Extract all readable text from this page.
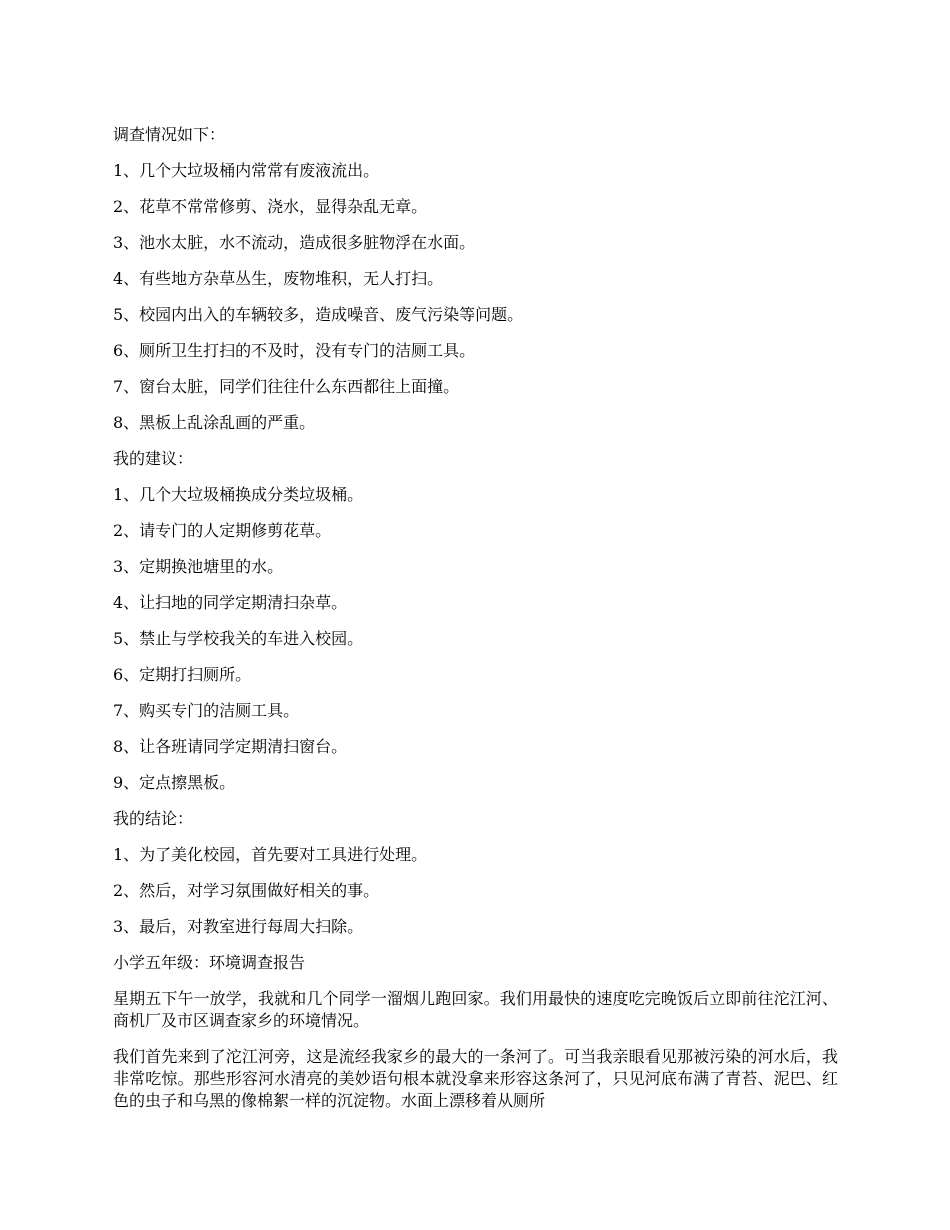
调查情况如下：
1、几个大垃圾桶内常常有废液流出。
2、花草不常常修剪、浇水，显得杂乱无章。
3、池水太脏，水不流动，造成很多脏物浮在水面。
4、有些地方杂草丛生，废物堆积，无人打扫。
5、校园内出入的车辆较多，造成噪音、废气污染等问题。
6、厕所卫生打扫的不及时，没有专门的洁厕工具。
7、窗台太脏，同学们往往什么东西都往上面撞。
8、黑板上乱涂乱画的严重。
我的建议：
1、几个大垃圾桶换成分类垃圾桶。
2、请专门的人定期修剪花草。
3、定期换池塘里的水。
4、让扫地的同学定期清扫杂草。
5、禁止与学校我关的车进入校园。
6、定期打扫厕所。
7、购买专门的洁厕工具。
8、让各班请同学定期清扫窗台。
9、定点擦黑板。
我的结论：
1、为了美化校园，首先要对工具进行处理。
2、然后，对学习氛围做好相关的事。
3、最后，对教室进行每周大扫除。
小学五年级：环境调查报告
星期五下午一放学，我就和几个同学一溜烟儿跑回家。我们用最快的速度吃完晚饭后立即前往沱江河、商机厂及市区调查家乡的环境情况。
我们首先来到了沱江河旁，这是流经我家乡的最大的一条河了。可当我亲眼看见那被污染的河水后，我非常吃惊。那些形容河水清亮的美妙语句根本就没拿来形容这条河了，只见河底布满了青苔、泥巴、红色的虫子和乌黑的像棉絮一样的沉淀物。水面上漂移着从厕所
